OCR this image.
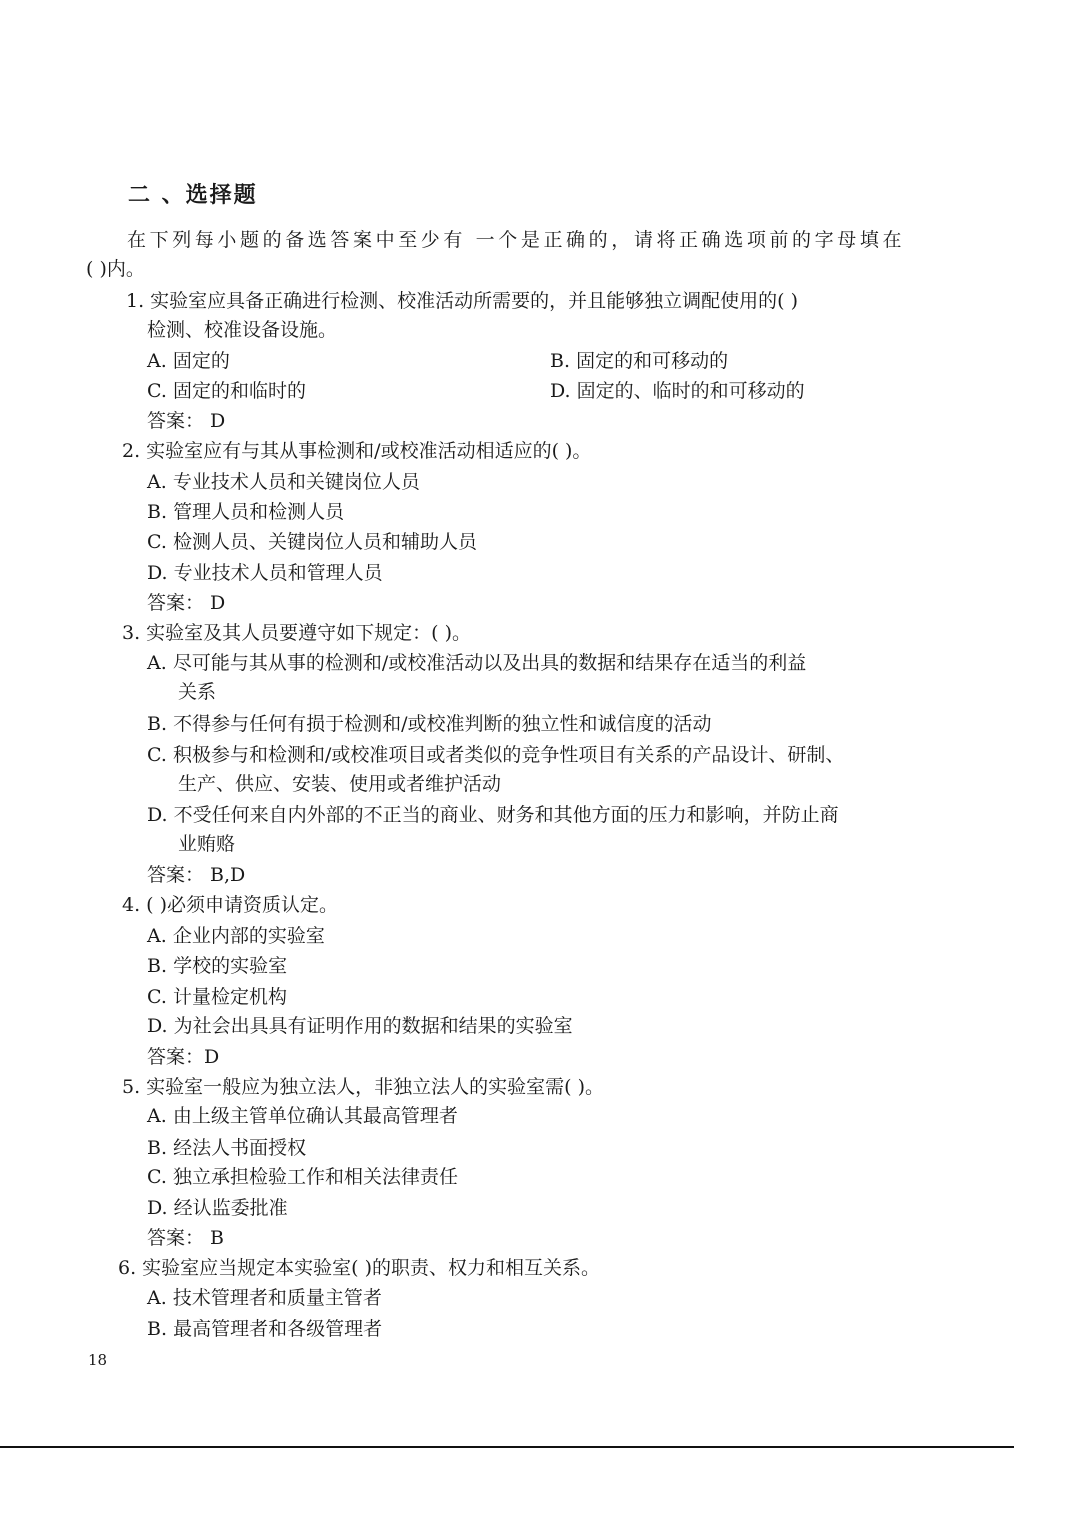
二 、选择题
在下列每小题的备选答案中至少有 一个是正确的，请将正确选项前的字母填在
( )内。
1. 实验室应具备正确进行检测、校准活动所需要的，并且能够独立调配使用的( )
检测、校准设备设施。
A. 固定的	B. 固定的和可移动的
C. 固定的和临时的	D. 固定的、临时的和可移动的
答案： D
2. 实验室应有与其从事检测和/或校准活动相适应的( )。
A. 专业技术人员和关键岗位人员
B. 管理人员和检测人员
C. 检测人员、关键岗位人员和辅助人员
D. 专业技术人员和管理人员
答案： D
3. 实验室及其人员要遵守如下规定：( )。
A. 尽可能与其从事的检测和/或校准活动以及出具的数据和结果存在适当的利益
关系
B. 不得参与任何有损于检测和/或校准判断的独立性和诚信度的活动
C. 积极参与和检测和/或校准项目或者类似的竞争性项目有关系的产品设计、研制、
生产、供应、安装、使用或者维护活动
D. 不受任何来自内外部的不正当的商业、财务和其他方面的压力和影响，并防止商
业贿赂
答案： B,D
4. ( )必须申请资质认定。
A. 企业内部的实验室
B. 学校的实验室
C. 计量检定机构
D. 为社会出具具有证明作用的数据和结果的实验室
答案：D
5. 实验室一般应为独立法人，非独立法人的实验室需( )。
A. 由上级主管单位确认其最高管理者
B. 经法人书面授权
C. 独立承担检验工作和相关法律责任
D. 经认监委批准
答案： B
6. 实验室应当规定本实验室( )的职责、权力和相互关系。
A. 技术管理者和质量主管者
B. 最高管理者和各级管理者
18
